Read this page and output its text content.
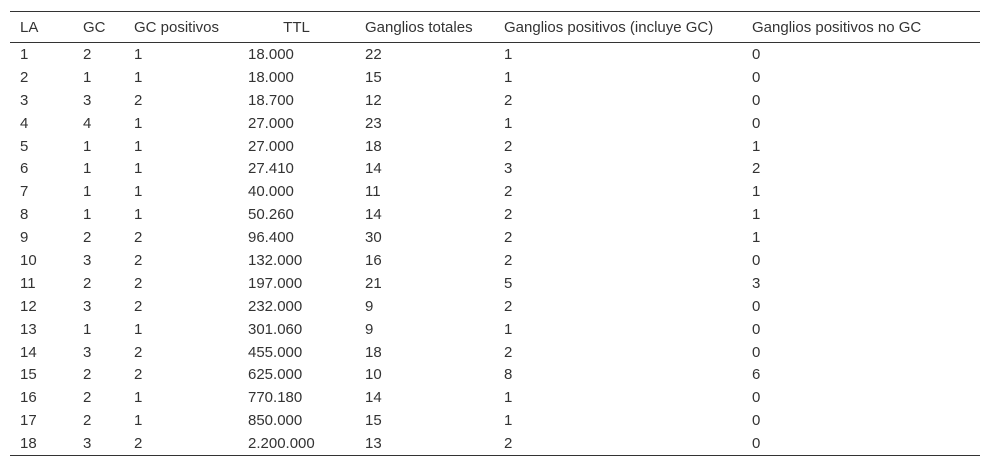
LA	GC	GC positivos	TTL	Ganglios totales	Ganglios positivos (incluye GC)	Ganglios positivos no GC	
1	2	1	18.000	22	1	0	
2	1	1	18.000	15	1	0	
3	3	2	18.700	12	2	0	
4	4	1	27.000	23	1	0	
5	1	1	27.000	18	2	1	
6	1	1	27.410	14	3	2	
7	1	1	40.000	11	2	1	
8	1	1	50.260	14	2	1	
9	2	2	96.400	30	2	1	
10	3	2	132.000	16	2	0	
11	2	2	197.000	21	5	3	
12	3	2	232.000	9	2	0	
13	1	1	301.060	9	1	0	
14	3	2	455.000	18	2	0	
15	2	2	625.000	10	8	6	
16	2	1	770.180	14	1	0	
17	2	1	850.000	15	1	0	
18	3	2	2.200.000	13	2	0	
